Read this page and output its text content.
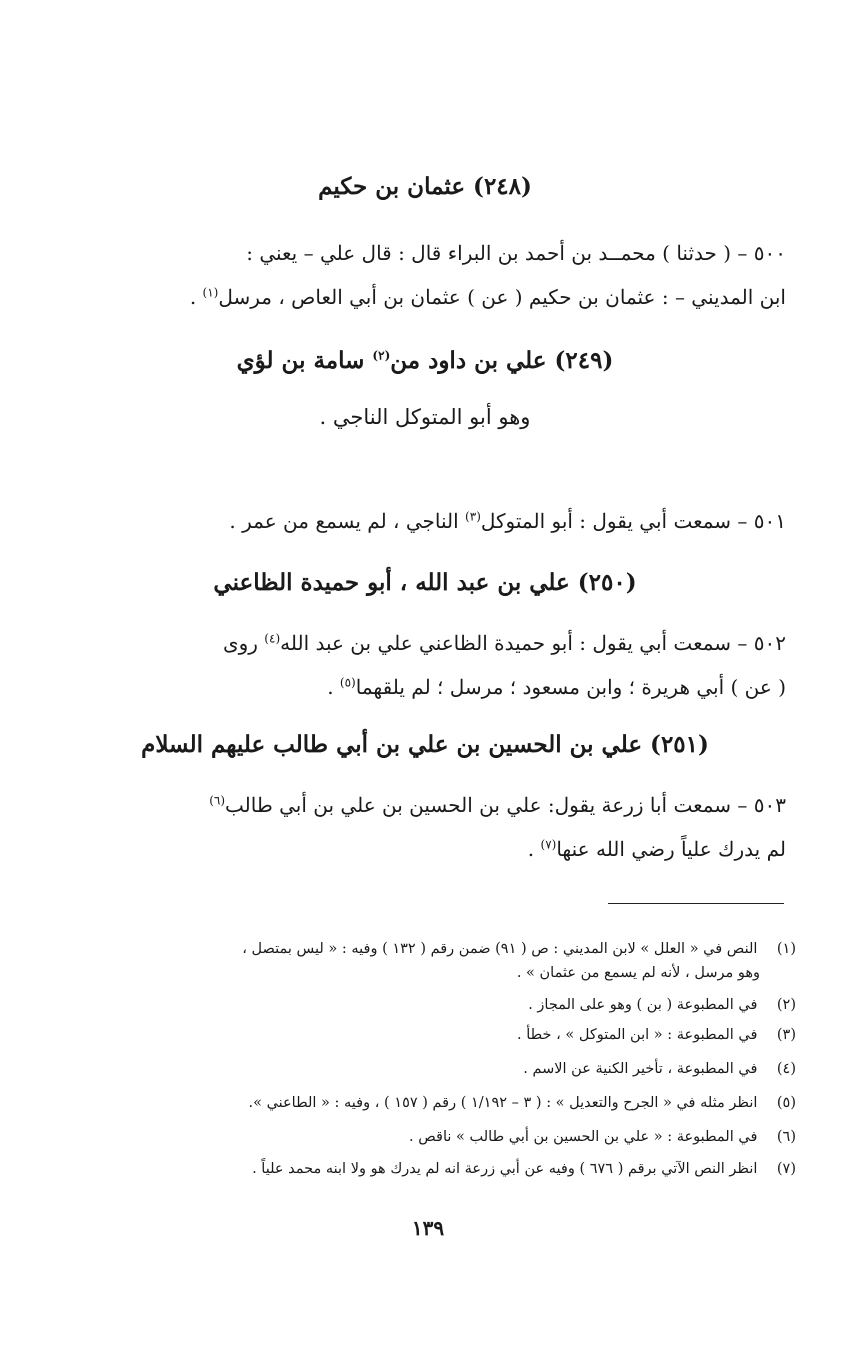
(٢٤٨) عثمان بن حكيم
٥٠٠ – ( حدثنا ) محمــد بن أحمد بن البراء قال : قال علي – يعني :
ابن المديني – : عثمان بن حكيم ( عن ) عثمان بن أبي العاص ، مرسل$^{(١)}$ .
(٢٤٩) علي بن داود من$^{(٢)}$ سامة بن لؤي
وهو أبو المتوكل الناجي .
٥٠١ – سمعت أبي يقول : أبو المتوكل$^{(٣)}$ الناجي ، لم يسمع من عمر .
(٢٥٠) علي بن عبد الله ، أبو حميدة الظاعني
٥٠٢ – سمعت أبي يقول : أبو حميدة الظاعني علي بن عبد الله$^{(٤)}$ روى
( عن ) أبي هريرة ؛ وابن مسعود ؛ مرسل ؛ لم يلقهما$^{(٥)}$ .
(٢٥١) علي بن الحسين بن علي بن أبي طالب عليهم السلام
٥٠٣ – سمعت أبا زرعة يقول: علي بن الحسين بن علي بن أبي طالب$^{(٦)}$
لم يدرك علياً رضي الله عنها$^{(٧)}$ .
(١) النص في « العلل » لابن المديني : ص ( ٩١) ضمن رقم ( ١٣٢ ) وفيه : « ليس بمتصل ،
وهو مرسل ، لأنه لم يسمع من عثمان » .
(٢) في المطبوعة ( بن ) وهو على المجاز .
(٣) في المطبوعة : « ابن المتوكل » ، خطأ .
(٤) في المطبوعة ، تأخير الكنية عن الاسم .
(٥) انظر مثله في « الجرح والتعديل » : ( ٣ – ١/١٩٢ ) رقم ( ١٥٧ ) ، وفيه : « الطاعني ».
(٦) في المطبوعة : « علي بن الحسين بن أبي طالب » ناقص .
(٧) انظر النص الآتي برقم ( ٦٧٦ ) وفيه عن أبي زرعة انه لم يدرك هو ولا ابنه محمد علياً .
١٣٩
